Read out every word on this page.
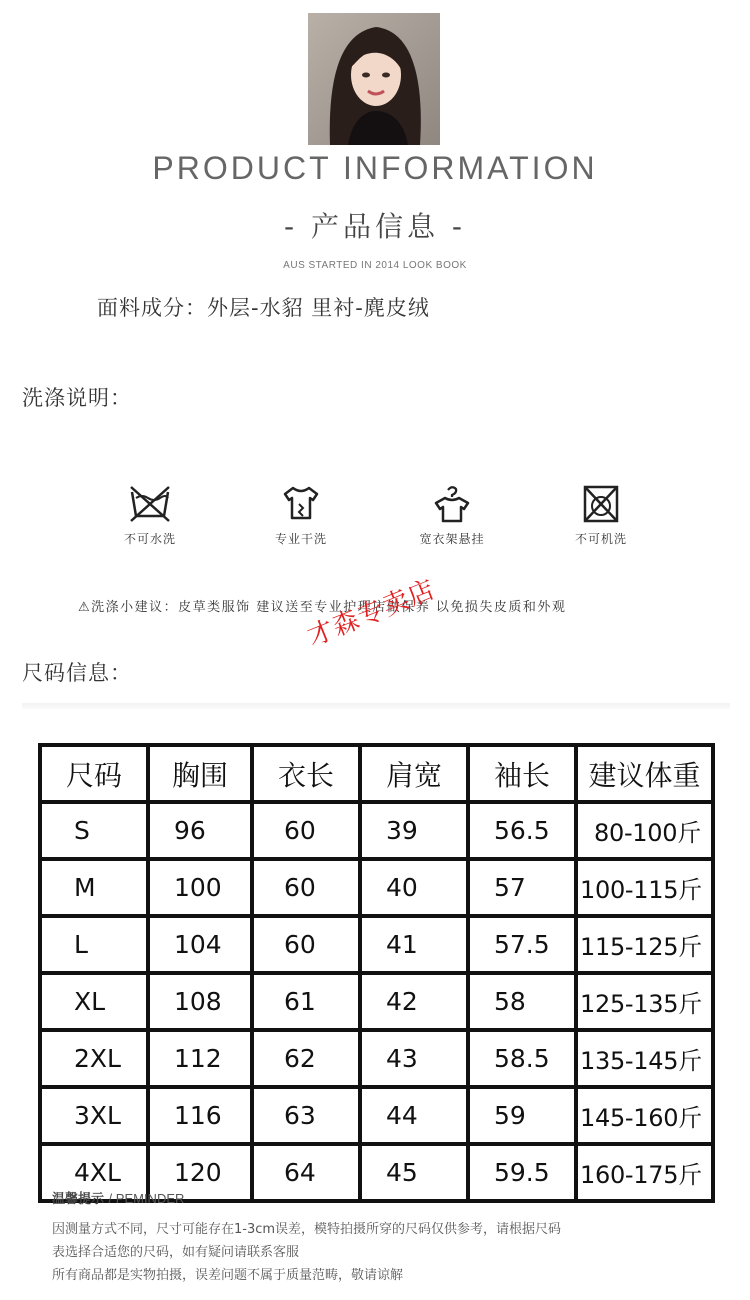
PRODUCT INFORMATION
- 产品信息 -
AUS STARTED IN 2014 LOOK BOOK
面料成分：外层-水貂 里衬-麂皮绒
洗涤说明：
不可水洗	专业干洗	宽衣架悬挂	不可机洗
⚠洗涤小建议：皮草类服饰 建议送至专业护理店做保养 以免损失皮质和外观
才森专卖店
尺码信息：
尺码	胸围	衣长	肩宽	袖长	建议体重
S	96	60	39	56.5	80-100斤
M	100	60	40	57	100-115斤
L	104	60	41	57.5	115-125斤
XL	108	61	42	58	125-135斤
2XL	112	62	43	58.5	135-145斤
3XL	116	63	44	59	145-160斤
4XL	120	64	45	59.5	160-175斤
温馨提示 / PEMINDER
因测量方式不同，尺寸可能存在1-3cm误差，模特拍摄所穿的尺码仅供参考，请根据尺码
表选择合适您的尺码，如有疑问请联系客服
所有商品都是实物拍摄，误差问题不属于质量范畴，敬请谅解
